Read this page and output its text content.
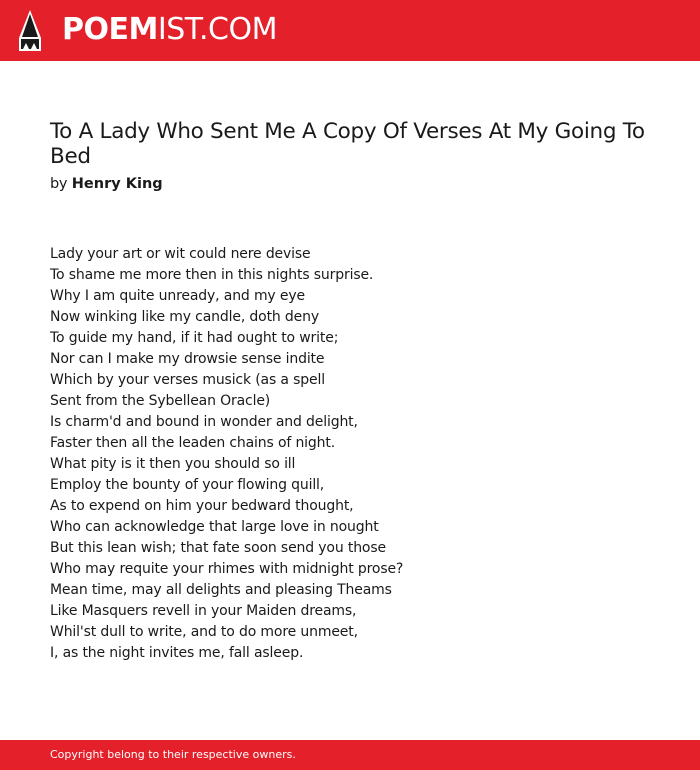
POEMIST.COM
To A Lady Who Sent Me A Copy Of Verses At My Going To Bed
by Henry King
Lady your art or wit could nere devise
To shame me more then in this nights surprise.
Why I am quite unready, and my eye
Now winking like my candle, doth deny
To guide my hand, if it had ought to write;
Nor can I make my drowsie sense indite
Which by your verses musick (as a spell
Sent from the Sybellean Oracle)
Is charm'd and bound in wonder and delight,
Faster then all the leaden chains of night.
What pity is it then you should so ill
Employ the bounty of your flowing quill,
As to expend on him your bedward thought,
Who can acknowledge that large love in nought
But this lean wish; that fate soon send you those
Who may requite your rhimes with midnight prose?
Mean time, may all delights and pleasing Theams
Like Masquers revell in your Maiden dreams,
Whil'st dull to write, and to do more unmeet,
I, as the night invites me, fall asleep.
Copyright belong to their respective owners.
